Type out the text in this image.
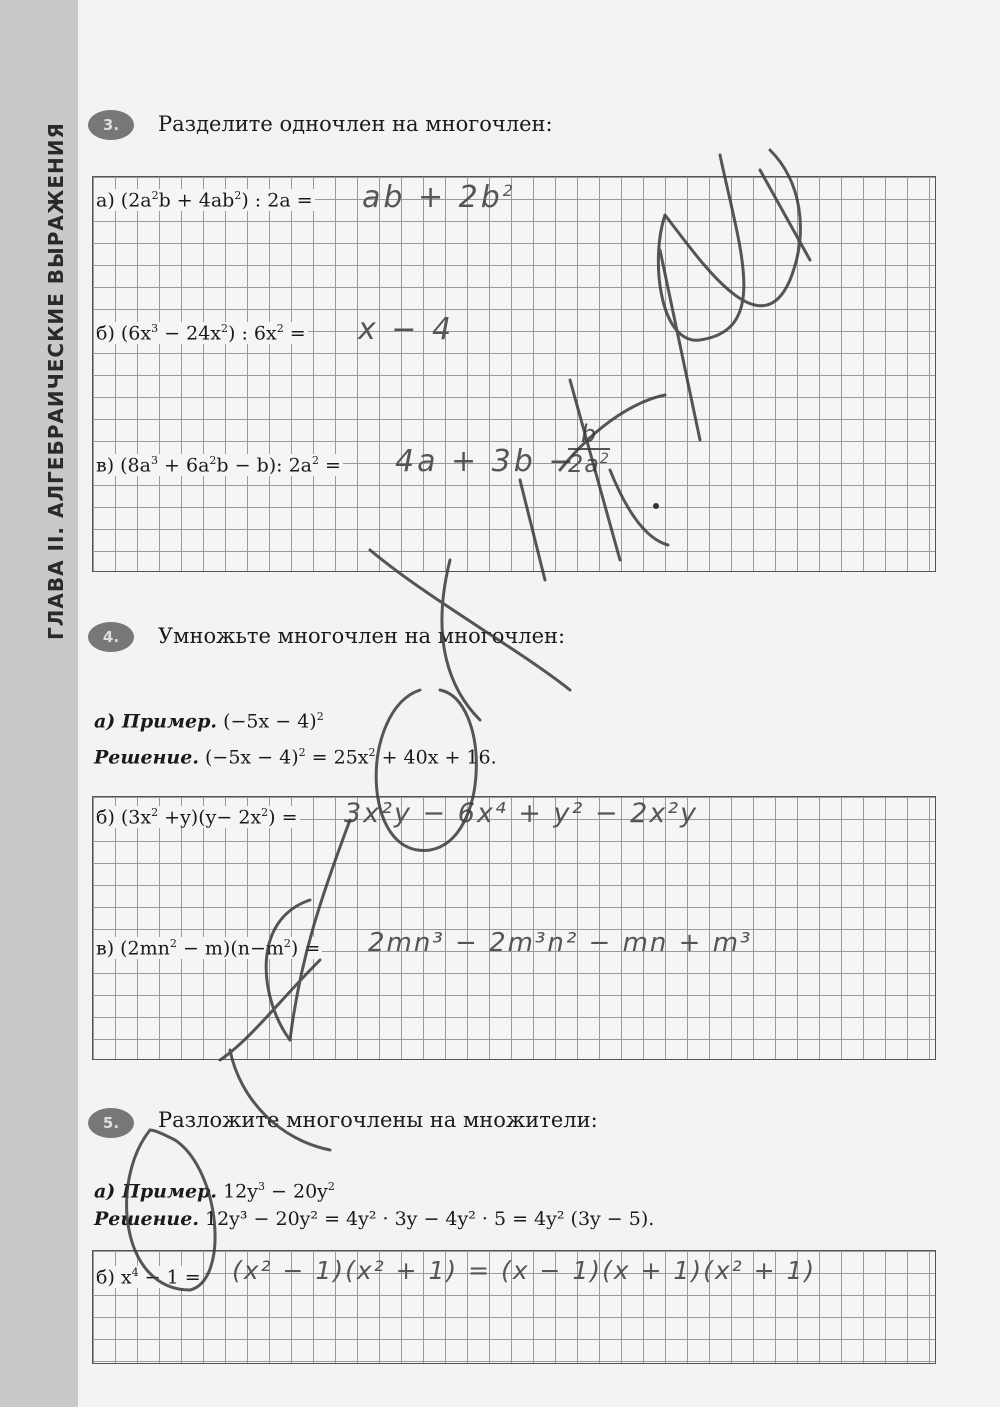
ГЛАВА II. АЛГЕБРАИЧЕСКИЕ ВЫРАЖЕНИЯ	3.	Разделите одночлен на многочлен:
а) $(2a^2b + 4ab^2)$ : 2a = ab + $2b^2$
б) $(6x^3 - 24x^2)$ : $6x^2 = x - 4$
в) $(8a^3 + 6a^2b - b)$: $2a^2 = 4a + 3b$ −
b
$2a^2$
4.	Умножьте многочлен на многочлен:
а) Пример. $(-5x - 4)^2$
Решение. $(-5x - 4)^2 = 25x^2 + 40x + 16$.
б) $(3x^2 +y)(y- 2x^2) = 3x^2y - 6x^4 + y^2 - 2x^2y$
в) $(2mn^2 - m)(n-m^2) = 2mn^3 - 2m^3n^2$ − mn + m³
5.	Разложите многочлены на множители:
а) Пример. $12y^3 - 20y^2$
Решение. 12y³ − 20y² = 4y² · 3y − 4y² · 5 = 4y² (3y − 5).
б) $x^4 - 1 = (x^2 - 1)(x^2 + 1) = (x - 1)(x + 1)(x^2 + 1)$
